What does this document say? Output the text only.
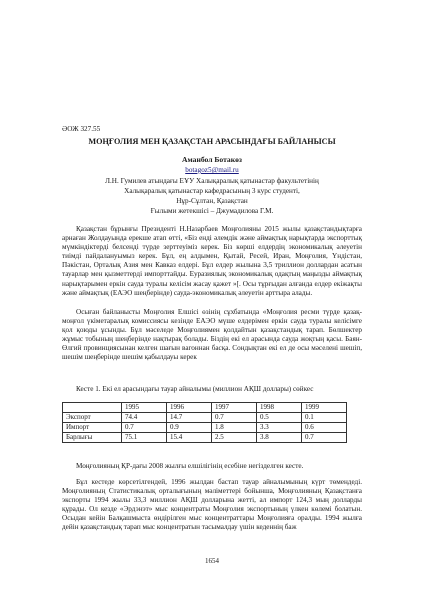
ӘОЖ 327.55
МОҢҒОЛИЯ МЕН ҚАЗАҚСТАН АРАСЫНДАҒЫ БАЙЛАНЫСЫ
Аманбол Ботакөз
botagoz5@mail.ru
Л.Н. Гумилев атындағы ЕҰУ Халықаралық қатынастар факультетінің
Халықаралық қатынастар кафедрасының 3 курс студенті,
Нұр-Сұлтан, Қазақстан
Ғылыми жетекшісі – Джумадилова Г.М.
Қазақстан бұрынғы Президенті Н.Назарбаев Моңғолияны 2015 жылы қазақстандықтарға арнаған Жолдауында ерекше атап өтті, «Біз енді әлемдік және аймақтық нарықтарда экспорттық мүмкіндіктерді белсенді түрде зерттеуіміз керек. Біз көрші елдердің экономикалық әлеуетін тиімді пайдалануымыз керек. Бұл, ең алдымен, Қытай, Ресей, Иран, Моңғолия, Үндістан, Пәкістан, Орталық Азия мен Кавказ елдері. Бұл елдер жылына 3,5 триллион доллардан асатын тауарлар мен қызметтерді импорттайды. Еуразиялық экономикалық одақтың маңызды аймақтық нарықтарымен еркін сауда туралы келісім жасау қажет »[. Осы тұрғыдан алғанда елдер екіжақты және аймақтық (ЕАЭО шеңберінде) сауда-экономикалық әлеуетін арттыра алады.
Осыған байланысты Моңғолия Елшісі өзінің сұхбатында «Моңғолия ресми түрде қазақ-моңғол үкіметаралық комиссиясы кезінде ЕАЭО мүше елдерімен еркін сауда туралы келісімге қол қоюды ұсынды. Бұл мәселеде Моңғолиямен қолдайтын қазақстандық тарап. Бөлшектер жұмыс тобының шеңберінде нақтырақ болады. Біздің екі ел арасында сауда жоқтың қасы. Баян-Өлгий провинциясынан келген шағын вагоннан басқа. Сондықтан екі ел де осы мәселені шешіп, шешім шеңберінде шешім қабылдауы керек
Кесте 1. Екі ел арасындағы тауар айналымы (миллион АҚШ доллары) сөйкес
	1995	1996	1997	1998	1999
Экспорт	74.4	14.7	0.7	0.5	0.1
Импорт	0.7	0.9	1.8	3.3	0.6
Барлығы	75.1	15.4	2.5	3.8	0.7
Моңғолияның ҚР-дағы 2008 жылғы елшілігінің есебіне негізделген кесте.
Бұл кестеде көрсетілгендей, 1996 жылдан бастап тауар айналымының күрт төмендеді. Моңғолияның Статистикалық орталығының мәліметтері бойынша, Моңғолияның Қазақстанға экспорты 1994 жылы 33,3 миллион АҚШ долларына жетті, ал импорт 124,3 мың долларды құрады. Ол кезде «Эрдэнэт» мыс концентраты Моңғолия экспортының үлкен көлемі болатын. Осыдан кейін Балқашмыста өндірілген мыс концентраттары Моңғолияға оралды. 1994 жылға дейін қазақстандық тарап мыс концентратын тасымалдау үшін кеденнің баж
1654
